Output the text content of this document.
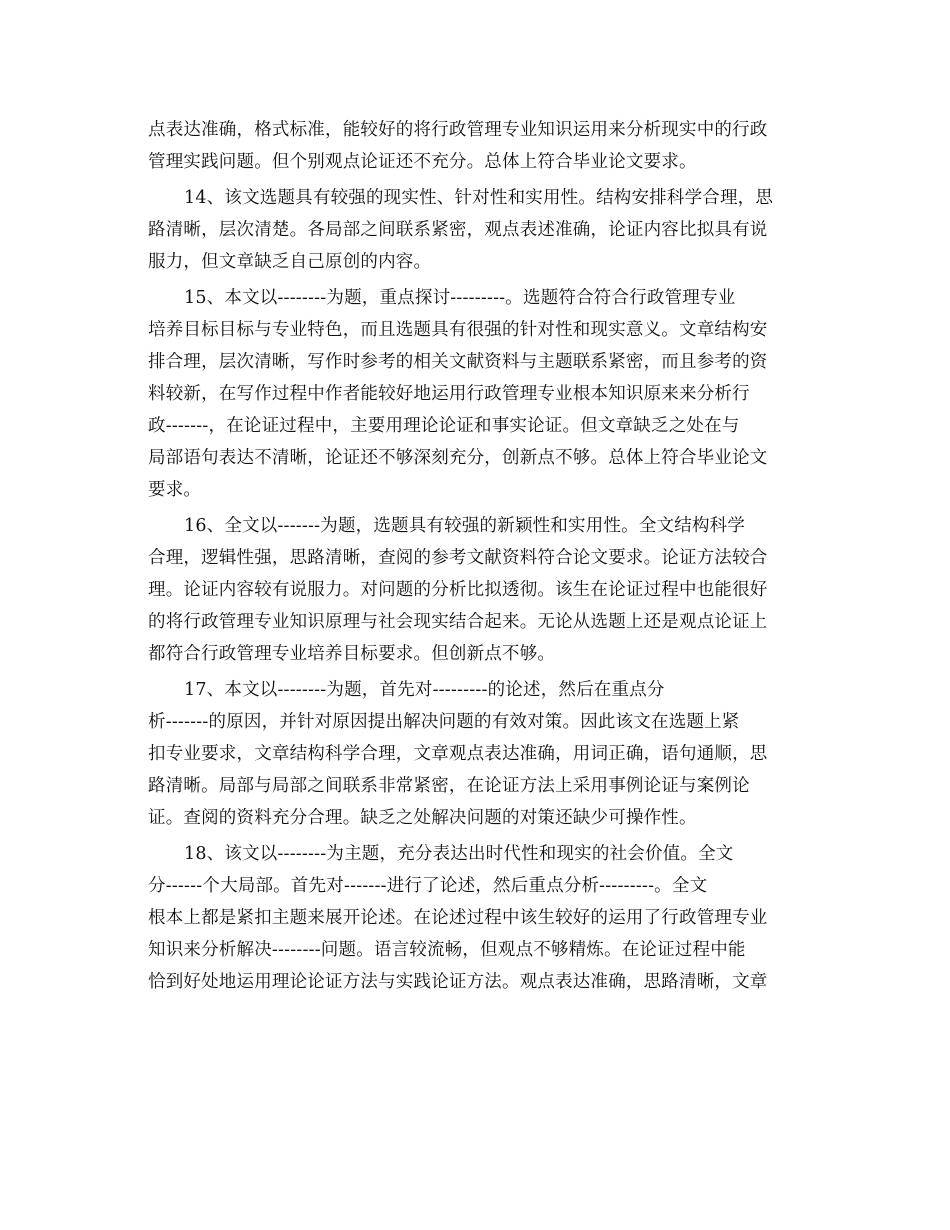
点表达准确，格式标准，能较好的将行政管理专业知识运用来分析现实中的行政
管理实践问题。但个别观点论证还不充分。总体上符合毕业论文要求。
14、该文选题具有较强的现实性、针对性和实用性。结构安排科学合理，思
路清晰，层次清楚。各局部之间联系紧密，观点表述准确，论证内容比拟具有说
服力，但文章缺乏自己原创的内容。
15、本文以--------为题，重点探讨---------。选题符合符合行政管理专业
培养目标目标与专业特色，而且选题具有很强的针对性和现实意义。文章结构安
排合理，层次清晰，写作时参考的相关文献资料与主题联系紧密，而且参考的资
料较新，在写作过程中作者能较好地运用行政管理专业根本知识原来来分析行
政-------，在论证过程中，主要用理论论证和事实论证。但文章缺乏之处在与
局部语句表达不清晰，论证还不够深刻充分，创新点不够。总体上符合毕业论文
要求。
16、全文以-------为题，选题具有较强的新颖性和实用性。全文结构科学
合理，逻辑性强，思路清晰，查阅的参考文献资料符合论文要求。论证方法较合
理。论证内容较有说服力。对问题的分析比拟透彻。该生在论证过程中也能很好
的将行政管理专业知识原理与社会现实结合起来。无论从选题上还是观点论证上
都符合行政管理专业培养目标要求。但创新点不够。
17、本文以--------为题，首先对---------的论述，然后在重点分
析-------的原因，并针对原因提出解决问题的有效对策。因此该文在选题上紧
扣专业要求，文章结构科学合理，文章观点表达准确，用词正确，语句通顺，思
路清晰。局部与局部之间联系非常紧密，在论证方法上采用事例论证与案例论
证。查阅的资料充分合理。缺乏之处解决问题的对策还缺少可操作性。
18、该文以--------为主题，充分表达出时代性和现实的社会价值。全文
分------个大局部。首先对-------进行了论述，然后重点分析---------。全文
根本上都是紧扣主题来展开论述。在论述过程中该生较好的运用了行政管理专业
知识来分析解决--------问题。语言较流畅，但观点不够精炼。在论证过程中能
恰到好处地运用理论论证方法与实践论证方法。观点表达准确，思路清晰，文章
